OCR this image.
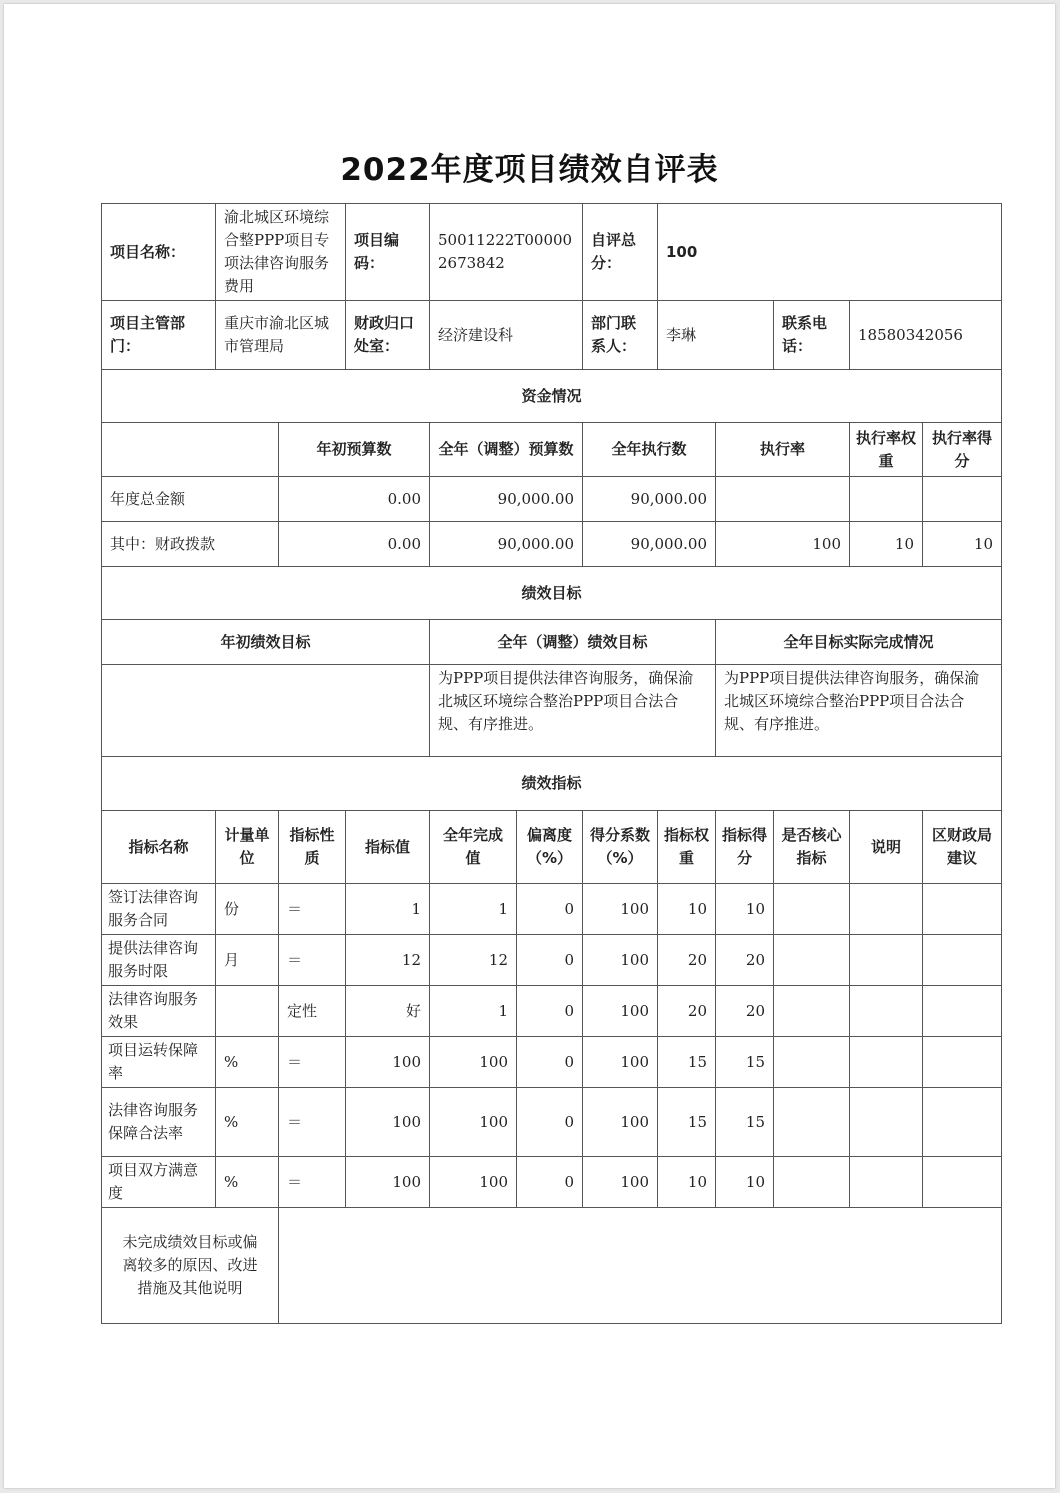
2022年度项目绩效自评表
项目名称：	渝北城区环境综合整PPP项目专项法律咨询服务费用		项目编码：	50011222T000002673842		自评总分：	100				
项目主管部门：	重庆市渝北区城市管理局		财政归口处室：	经济建设科		部门联系人：	李琳		联系电话：	18580342056	
资金情况											
		年初预算数		全年（调整）预算数		全年执行数		执行率		执行率权重	执行率得分
年度总金额		0.00		90,000.00		90,000.00					
其中：财政拨款		0.00		90,000.00		90,000.00		100		10	10
绩效目标											
年初绩效目标				全年（调整）绩效目标				全年目标实际完成情况			
				为PPP项目提供法律咨询服务，确保渝北城区环境综合整治PPP项目合法合规、有序推进。				为PPP项目提供法律咨询服务，确保渝北城区环境综合整治PPP项目合法合规、有序推进。			
绩效指标											
指标名称	计量单位	指标性质	指标值	全年完成值	偏离度（%）	得分系数（%）	指标权重	指标得分	是否核心指标	说明	区财政局建议
签订法律咨询服务合同	份	＝	1	1	0	100	10	10			
提供法律咨询服务时限	月	＝	12	12	0	100	20	20			
法律咨询服务效果		定性	好	1	0	100	20	20			
项目运转保障率	%	＝	100	100	0	100	15	15			
法律咨询服务保障合法率	%	＝	100	100	0	100	15	15			
项目双方满意度	%	＝	100	100	0	100	10	10			
未完成绩效目标或偏离较多的原因、改进措施及其他说明											
